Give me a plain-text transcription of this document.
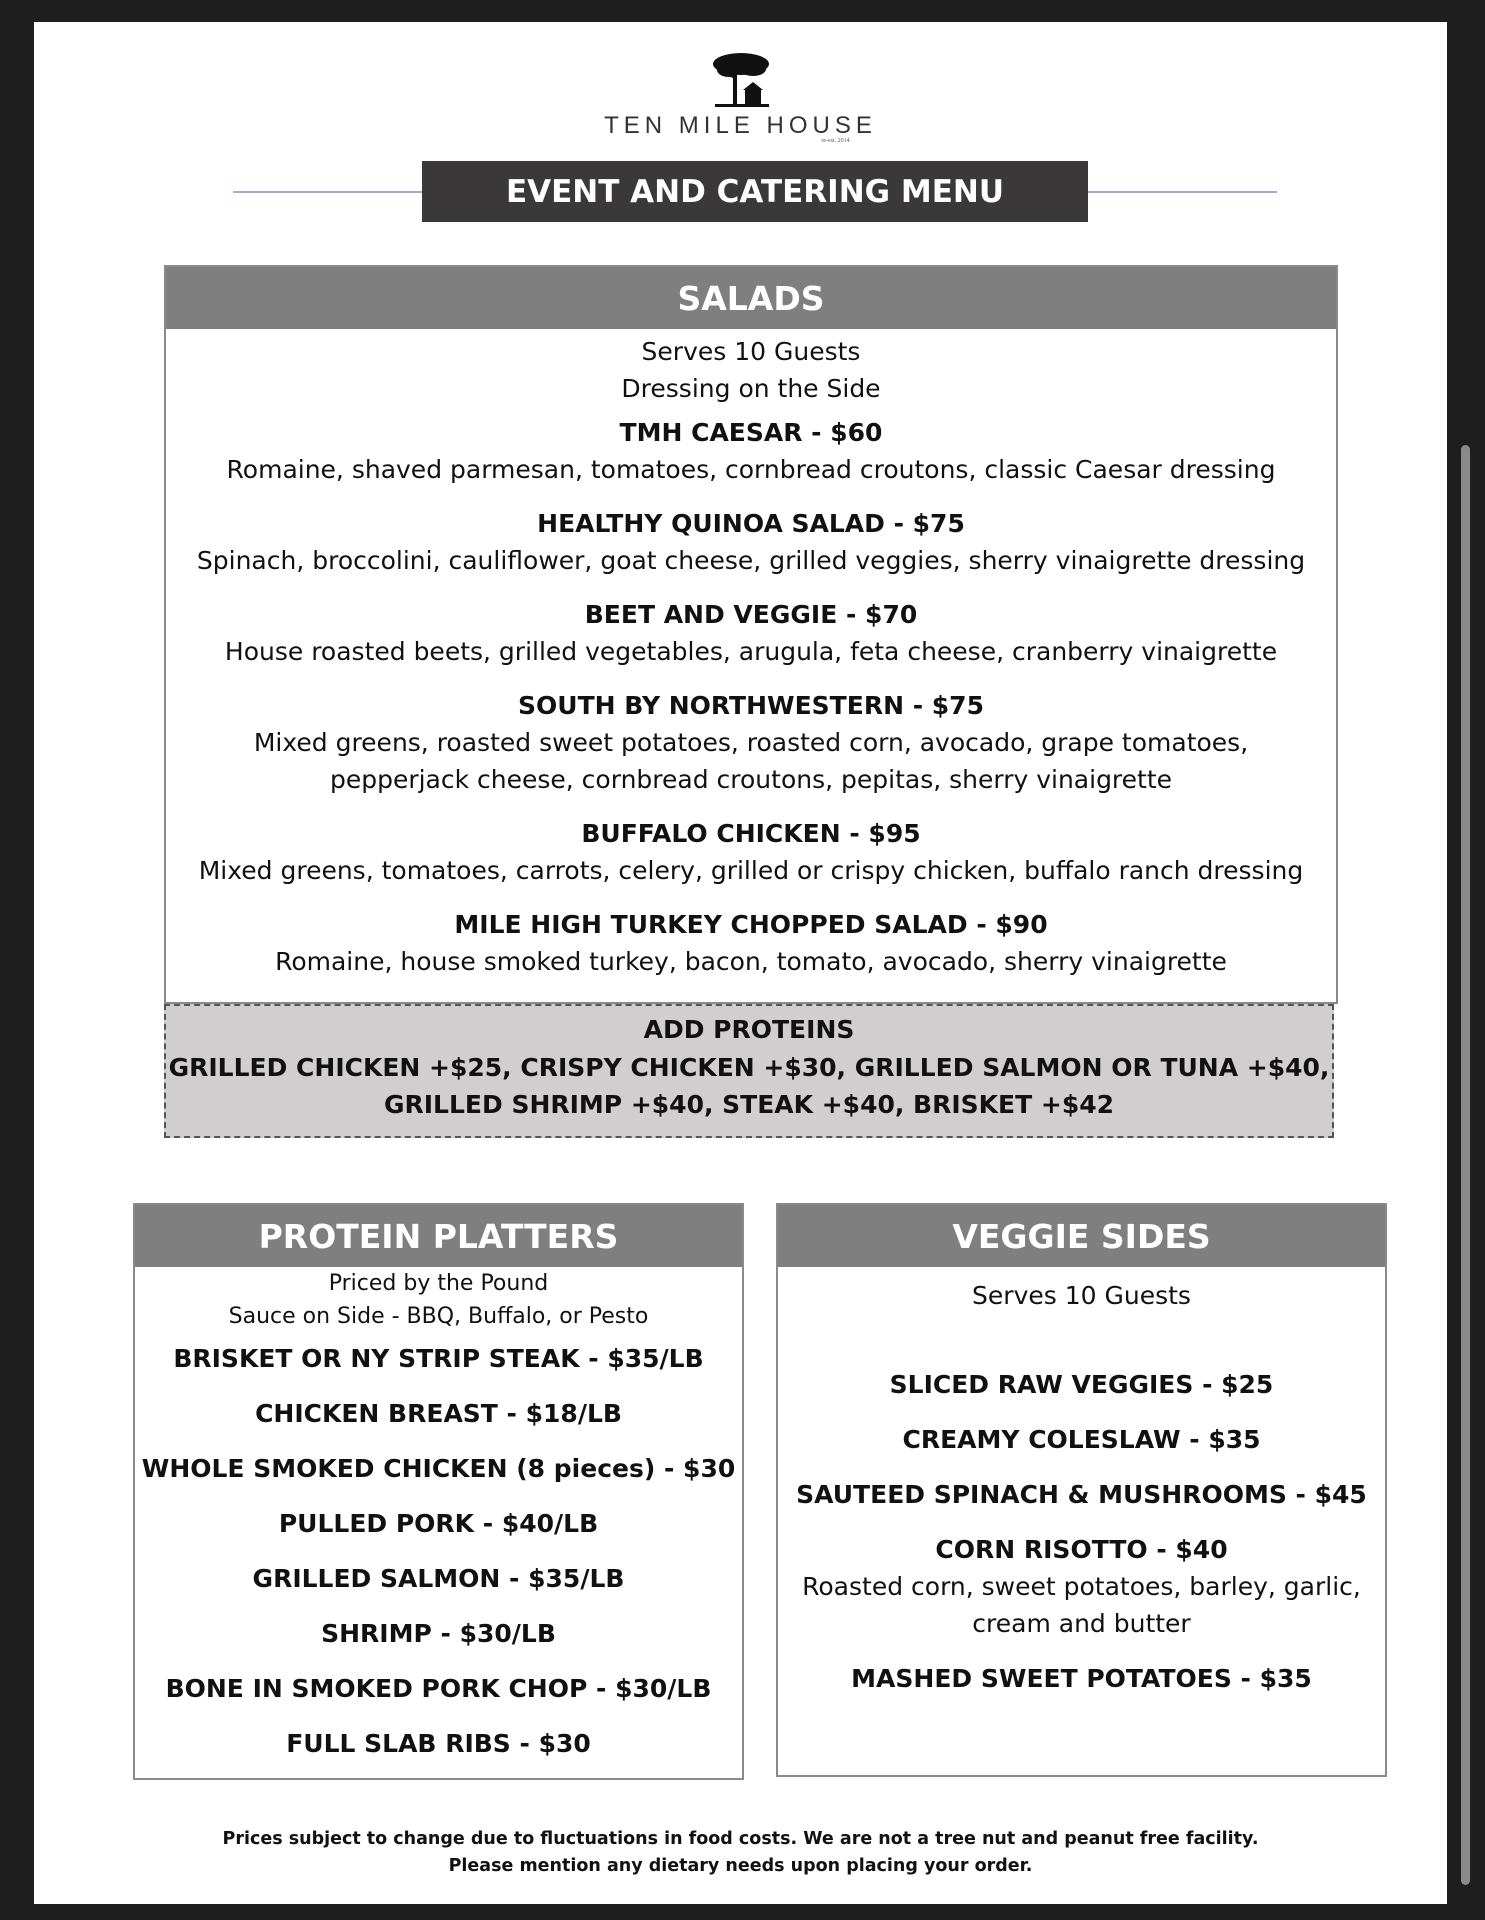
TEN MILE HOUSE
re-est. 2014
EVENT AND CATERING MENU
SALADS
Serves 10 Guests
Dressing on the Side
TMH CAESAR - $60
Romaine, shaved parmesan, tomatoes, cornbread croutons, classic Caesar dressing
HEALTHY QUINOA SALAD - $75
Spinach, broccolini, cauliflower, goat cheese, grilled veggies, sherry vinaigrette dressing
BEET AND VEGGIE - $70
House roasted beets, grilled vegetables, arugula, feta cheese, cranberry vinaigrette
SOUTH BY NORTHWESTERN - $75
Mixed greens, roasted sweet potatoes, roasted corn, avocado, grape tomatoes,
pepperjack cheese, cornbread croutons, pepitas, sherry vinaigrette
BUFFALO CHICKEN - $95
Mixed greens, tomatoes, carrots, celery, grilled or crispy chicken, buffalo ranch dressing
MILE HIGH TURKEY CHOPPED SALAD - $90
Romaine, house smoked turkey, bacon, tomato, avocado, sherry vinaigrette
ADD PROTEINS
GRILLED CHICKEN +$25, CRISPY CHICKEN +$30, GRILLED SALMON OR TUNA +$40,
GRILLED SHRIMP +$40, STEAK +$40, BRISKET +$42
PROTEIN PLATTERS
Priced by the Pound
Sauce on Side - BBQ, Buffalo, or Pesto
BRISKET OR NY STRIP STEAK - $35/LB
CHICKEN BREAST - $18/LB
WHOLE SMOKED CHICKEN (8 pieces) - $30
PULLED PORK - $40/LB
GRILLED SALMON - $35/LB
SHRIMP - $30/LB
BONE IN SMOKED PORK CHOP - $30/LB
FULL SLAB RIBS - $30
VEGGIE SIDES
Serves 10 Guests
SLICED RAW VEGGIES - $25
CREAMY COLESLAW - $35
SAUTEED SPINACH & MUSHROOMS - $45
CORN RISOTTO - $40
Roasted corn, sweet potatoes, barley, garlic,
cream and butter
MASHED SWEET POTATOES - $35
Prices subject to change due to fluctuations in food costs. We are not a tree nut and peanut free facility.
Please mention any dietary needs upon placing your order.
